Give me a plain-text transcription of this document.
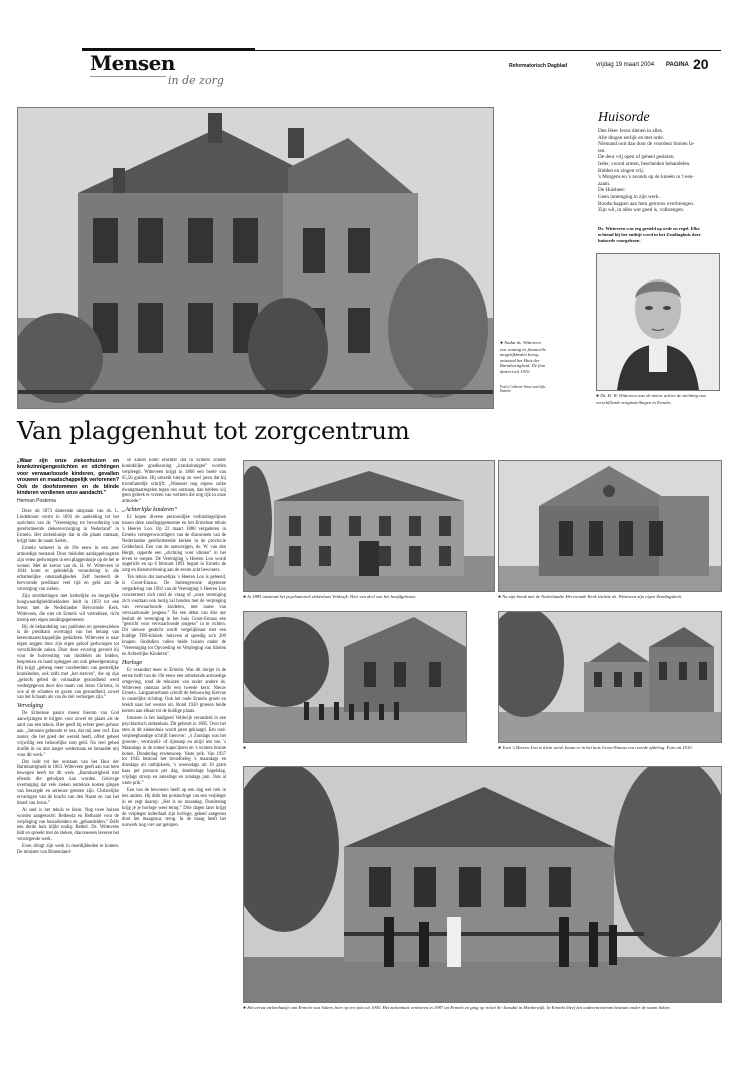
Mensen
in de zorg
Reformatorisch Dagblad	vrijdag 19 maart 2004 PAGINA 20
● Nadat ds. Witteveen een woning en financiële mogelijkheden kreeg, ontstond het Huis der Barmhartigheid. De foto dateert uit 1910.
Foto's Collectie Vasse van Gijk, Ermelo
Huisorde
Den Heer Jezus dienen in alles.
Alle dingen eerlijk en met orde.
Niemand ooit dan door de voordeur binnen la-
ten.
De deur vrij open of geheel gesloten.
Ieder, vooral armen, bescheiden behandelen.
Bidden en zingen vrij.
's Morgens en 's avonds op de knieën in 't een-
zaam.
De Huisheer:
Geen inmenging in zijn werk.
Boodschappen aan hem getrouw overbrengen.
Zijn wil, in alles wat goed is, volbrengen.
Ds. Witteveen was erg gesteld op orde en regel. Elke ochtend bij het ontbijt werd in het Zendinghuis deze huisorde voorgelezen.
● Ds. H. W. Witteveen was de motor achter de stichting van verschillende zorginstellingen in Ermelo.
Van plaggenhut tot zorgcentrum
„Waar zijn onze ziekenhuizen en krankzinnigengestichten en stichtingen voor verwaarloosde kinderen, gevallen vrouwen en maatschappelijk verlorenen? Ook de doofstommen en de blinde kinderen verdienen onze aandacht.”
Herman Postema

Deze uit 1873 daterende uitspraak van ds. L. Lindeboom vormt in 1893 de aanleiding tot het oprichten van de "Vereeniging tot bevordering van gereformeerde ziekenverzorging in Nederland" in Ermelo. Het ziekenhuisje dat in die plaats ontstaat, krijgt later de naam Salem.

Ermelo verkeert in de 19e eeuw in een zeer armoedige toestand. Door misluhte aardappeloogsten zijn velen gedwongen in een plaggenhutje op de hei te wonen. Met de komst van ds. H. W. Witteveen in 1844 komt er geleidelijk verandering in die erbarmelijke omstandigheden. Zelf besteedt de hervormde predikant veel tijd en geld aan de verzorging van zieken.

Zijn strubbelingen met kerkelijke en burgerlijke hoogwaardigheidsbekleders leidt in 1859 tot een breuk met de Nederlandse Hervormde Kerk. Witteveen, die niet uit Ermelo wil vertrekken, richt hierop een eigen zendingsgemeente.

Bij de behandeling van patiënten en geesteszieken is de predikant overtuigd van het belang van heteromaatschappelijke gedachten. Witteveen is naar eigen zeggen door zijn eigen geloof gedwongen tot verschillende zaken. Door deze ervaring gevoelt hij voor de huisvesting van middelen als bidden, bespreken en hand opleggen om ook geheelgenezing. Hij krijgt „geheug meer voorbeelden van geestelijke krankheden, ook zelfs met „het sterven”, die op zijn „geloofs gebed de volmaakte gezondheid werd wedergegeven door den naam van Jezus Christus, in wie al de schatten en gaven van gezondheid, zowel van het lichaam als van de ziel verborgen zijn.”

Vervolging

De Ermelose pastor moest hierom van God aanwijzingen te krijgen voor zowel de plaats als de aard van een tehuis. Hier geeft hij echter geen gehoor aan. „Intussen gebeurde er iets, dat mij zeer trof. Een zuster, die het goed der wereld heeft, offert geheel vrijwillig een behoorlijke som geld. Na veel gebed durfde ik nu niet langer wederstaan en beraadde mij voor dit werk.”

Dat leidt tot het ontstaan van het Huis der Barmhartigheid in 1863. Witteveen geeft aan wat hem bewogen heeft tot dit werk. „Barmhartigheid met ellende die geholpen kan worden. Gelovige overtuiging dat vele zieken nutteloze kosten gingen van bezorgde en serieuze geesten zijn. Christelijke ervaringen van de kracht van den Naam en van het bloed van Jezus.”

Al snel is het tehuis te klein. Nog twee huizen worden aangekocht: Bethesda en Bethanië voor de verpleging van huisarbeiders en „gehandelden.” Zelfs een derde huis blijkt nodig: Bethel. Ds. Witteveen bidt en spreekt met de zieken, diaconessen leveren het verzorgende werk.

Even dringt zijn werk in moeilijkheden te komen. De minister van Binnenland-

se Zaken komt erachter dat in Ermelo zonder koninklijke goedkeuring „krankzinnigen” worden verpleegd. Witteveen krijgt in 1866 een boete van 65,56 gulden. Hij omzeilt hierop zo veel jaren dat hij triomfantelijk schrijft: „Wanneer nog ergens zulke dwangmaatregelen tegen ons ontstaan, dan hebben wij geen gebrek te vrezen van werkers die nog rijk in onze armoede.”

„Achterlijke kinderen”

Er kopen diverse persoonlijke verbindingslijnen tussen deze zendingsgemeente en het Ermelose tehuis 's Heeren Loo. Op 22 maart 1888 vergaderen in Ermelo vertegenwoordigers van de diaconieën van de Nederlandse gereformeerde kerken in de provincie Gelderland. Een van de aanwezigen, ds. W. van den Bergh, opperde een „stichting voor idioten” in het leven te roepen. De Vereniging 's Heeren Loo wordt opgericht en op 6 februari 1891 begint in Ermelo de zorg en dienstverlening aan de eerste acht bewoners.

Ten tehuis dat nauwelijks 's Heeren Loo is geleend, is Groot-Emaus. De buitengewone algemene vergadering van 1902 van de Vereniging 's Heeren Loo concentreert zich rond de vraag of „onze vereniging zich voortaan ook bezig zal houden met de verpleging van verwaarloosde kinderen, met name van verwaarloosde jongens.” Na een debat van drie uur besluit de vereniging in het huis Groot-Emaus een "gesticht voor verwaarloosde jongens" in te richten. Dit nieuwe gesticht wordt vergelijkbaar met een huidige TBS-kliniek- huisvest al spoedig zo'n 200 knapen. Sindsdien vallen beide huizen onder de "Vereeniging tot Opvoeding en Verpleging van Idioten en Achterlijke Kinderen".

Horloge

Er verandert meer in Ermelo. Was dit dorpje in de eerste helft van de 19e eeuw een onbekende armoedige omgeving, rond de tehuizen van onder andere ds. Witteveen ontstaat zelfs een tweede kern: Nieuw Ermelo. Langzamerhand schuift de bebouwing hiervan in oostelijke richting. Ook het oude Ermelo groeit en breidt naar het westen uit. Rond 1920 groeien beide kernen aan elkaar tot de huidige plaats.

Intussen is het landgoed Veldwijk veranderd in een psychiatrisch ziekenhuis. Dit gebeurt in 1885. Over het eten in dit ziekenhuis wordt jaren geklaagd. Een oud-verpleeghandige schrijft hierover: „'s Zondags was het groente-, vermicelli- of rijstsoep en altijd iets toe. 's Maandags in de zomer kapucijners en 's winters bruine bonen. Donderdag erwtensoep. Vaste prik. Van 1937 tot 1943 bestond het broodbeleg 's maandags en dinsdags uit ontbijtkoek, 's woensdags uit 20 gram kaas per persoon per dag, donderdags hagelslag, vrijdags stroop en zaterdags en zondags jam. Ook al vaste prik.”

Een van de bewoners heeft op een dag wel trek in iets anders. Hij ditkt het polshorloge van een verpleger in en zegt daarop: „Het is nu maandag. Donderdag krijg je je horloge weer terug.” Drie dagen later krijgt de verpleger inderdaad zijn horloge, geheel aangetast door het maagzuur, terug. In de maag heeft het uurwerk nog vier uur gelopen.

● In 1885 ontstond het psychiatrisch ziekenhuis Veldwijk. Hier een deel van het hoofdgebouw.	● Na zijn breuk met de Nederlandse Hervormde Kerk stichtte ds. Witteveen zijn eigen Zendingskerk.
●	● Toen 's Heeren Loo te klein werd, kwam er in het huis Groot-Emaus een tweede afdeling. Foto uit 1910.
● Het eerste ziekenhuisje van Ermelo was Salem, hier op een foto uit 1900. Het ziekenhuis verdween in 1987 uit Ermelo en ging op in het St.-Jansdal in Harderwijk. In Ermelo bleef het ouderencentrum bestaan onder de naam Salem.
